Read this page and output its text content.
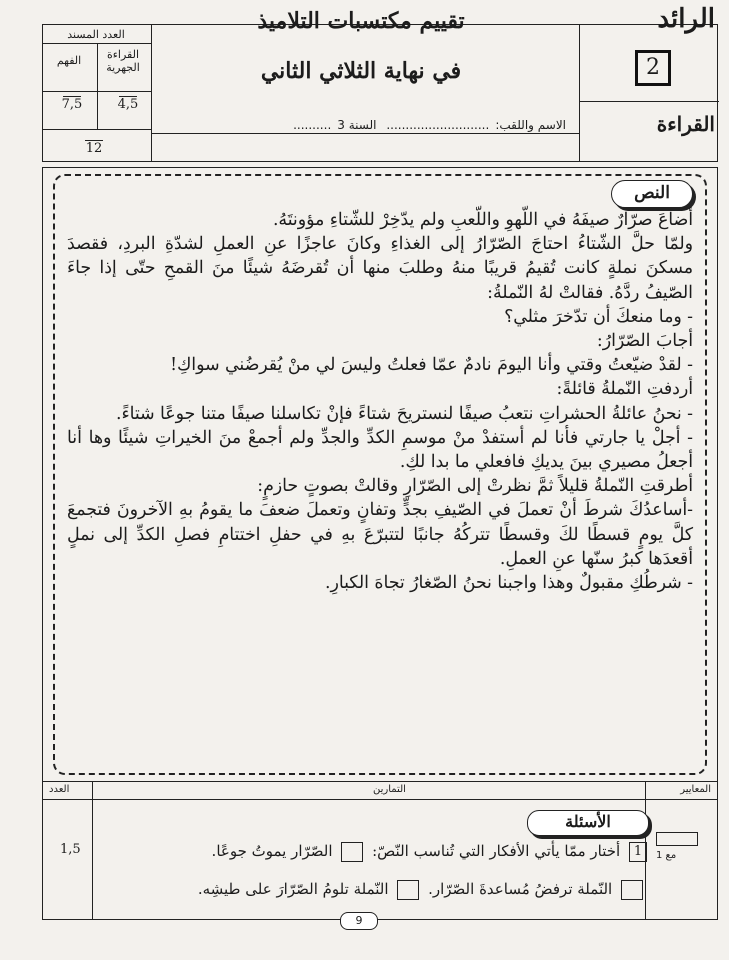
الرائد
2
القراءة
تقييم مكتسبات التلاميذ
في نهاية الثلاثي الثاني
الاسم واللقب:........................... السنة 3..........
العدد المسند
القراءة الجهرية
الفهم
4,5
7,5
12
النص

أضاعَ صرّارٌ صيفَهُ في اللّهوِ واللّعبِ ولم يدّخِرْ للشّتاءِ مؤونتَهُ.

ولمّا حلَّ الشّتاءُ احتاجَ الصّرّارُ إلى الغذاءِ وكانَ عاجزًا عنِ العملِ لشدّةِ البردِ، فقصدَ مسكنَ نملةٍ كانت تُقيمُ قريبًا منهُ وطلبَ منها أن تُقرضَهُ شيئًا منَ القمحِ حتّى إذا جاءَ الصّيفُ ردَّهُ. فقالتْ لهُ النّملةُ:

- وما منعكَ أن تدّخرَ مثلي؟

أجابَ الصّرّارُ:

- لقدْ ضيّعتُ وقتي وأنا اليومَ نادمٌ عمّا فعلتُ وليسَ لي منْ يُقرضُني سواكِ!

أردفتِ النّملةُ قائلةً:

- نحنُ عائلةُ الحشراتِ نتعبُ صيفًا لنستريحَ شتاءً فإنْ تكاسلنا صيفًا متنا جوعًا شتاءً.

- أجلْ يا جارتي فأنا لم أستفدْ منْ موسمِ الكدِّ والجدِّ ولم أجمعْ منَ الخيراتِ شيئًا وها أنا أجعلُ مصيري بينَ يديكِ فافعلي ما بدا لكِ.

أطرقتِ النّملةُ قليلاً ثمَّ نظرتْ إلى الصّرّارِ وقالتْ بصوتٍ حازمٍ:

-أساعدُكَ شرطَ أنْ تعملَ في الصّيفِ بجدٍّ وتفانٍ وتعملَ ضعفَ ما يقومُ بهِ الآخرونَ فتجمعَ كلَّ يومٍ قسطًا لكَ وقسطًا تتركُهُ جانبًا لتتبرّعَ بهِ في حفلِ اختتامِ فصلِ الكدِّ إلى نملٍ أقعدَها كبرُ سنّها عنِ العملِ.

- شرطُكِ مقبولٌ وهذا واجبنا نحنُ الصّغارُ تجاهَ الكبارِ.

العدد	التمارين	المعايير
الأسئلة
مع 1
1 أختار ممّا يأتي الأفكار التي تُناسب النّصّ:  الصّرّار يموتُ جوعًا.
النّملة ترفضُ مُساعدةَ الصّرّار.  النّملة تلومُ الصّرّارَ على طيشِه.
1,5
9
